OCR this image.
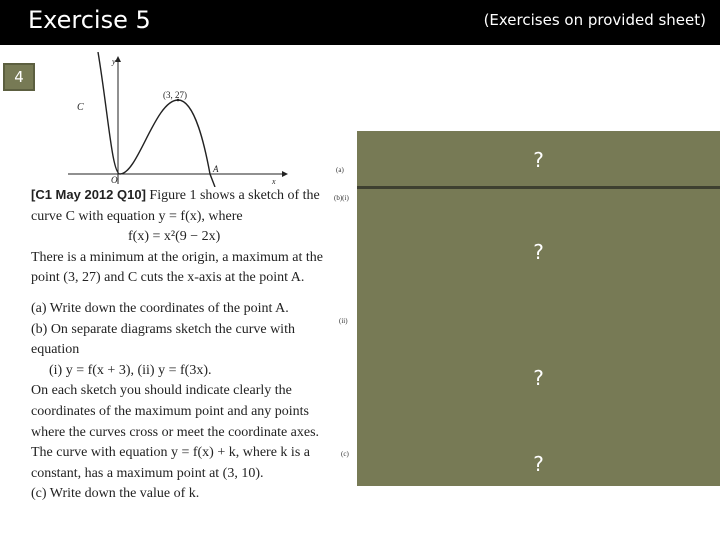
Exercise 5	(Exercises on provided sheet)
4
y
x
C
O
(3, 27)
A
[C1 May 2012 Q10] Figure 1 shows a sketch of the curve C with equation y = f(x), where
f(x) = x²(9 − 2x)
There is a minimum at the origin, a maximum at the point (3, 27) and C cuts the x-axis at the point A.
(a) Write down the coordinates of the point A.
(b) On separate diagrams sketch the curve with equation
(i) y = f(x + 3), (ii) y = f(3x).
On each sketch you should indicate clearly the coordinates of the maximum point and any points where the curves cross or meet the coordinate axes.
The curve with equation y = f(x) + k, where k is a constant, has a maximum point at (3, 10).
(c) Write down the value of k.
(a)
(b)(i)
(ii)
(c)
?
?
?
?
